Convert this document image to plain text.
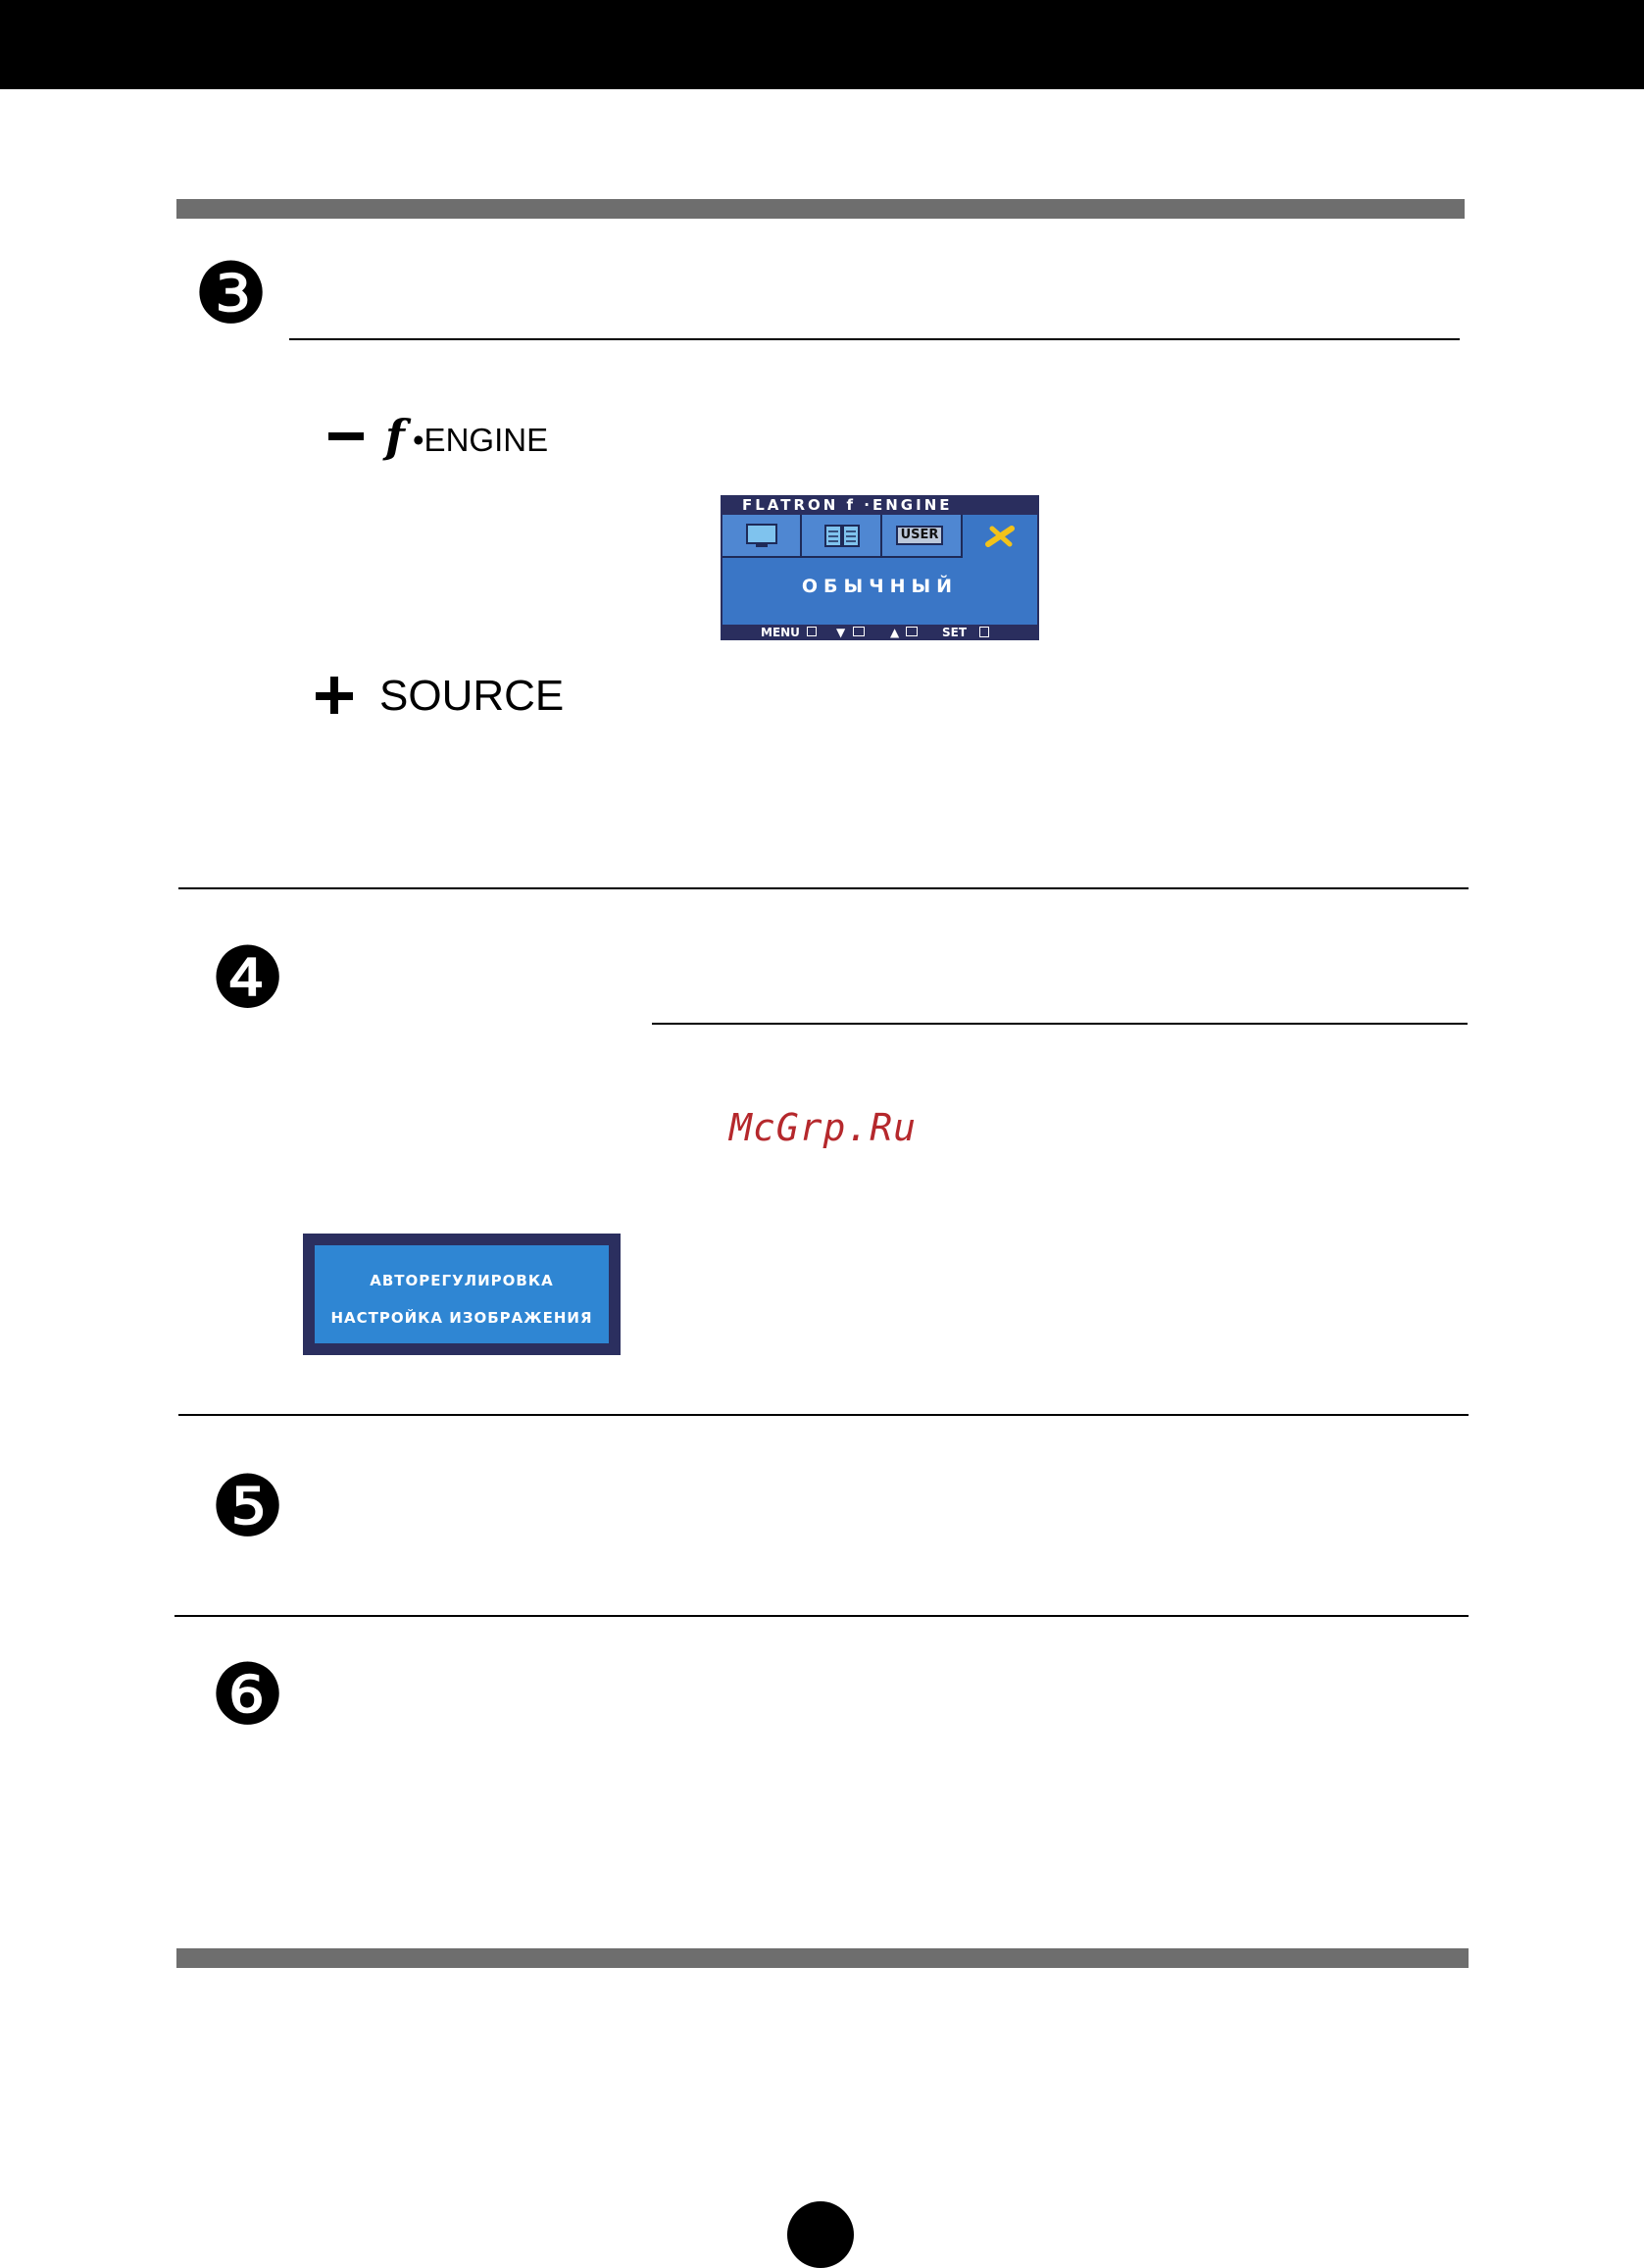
❸
f •ENGINE
FLATRON f ·ENGINE
USER
ОБЫЧНЫЙ
MENU	▼	▲	SET
SOURCE
❹
McGrp.Ru
АВТОРЕГУЛИРОВКА
НАСТРОЙКА ИЗОБРАЖЕНИЯ
❺
❻
